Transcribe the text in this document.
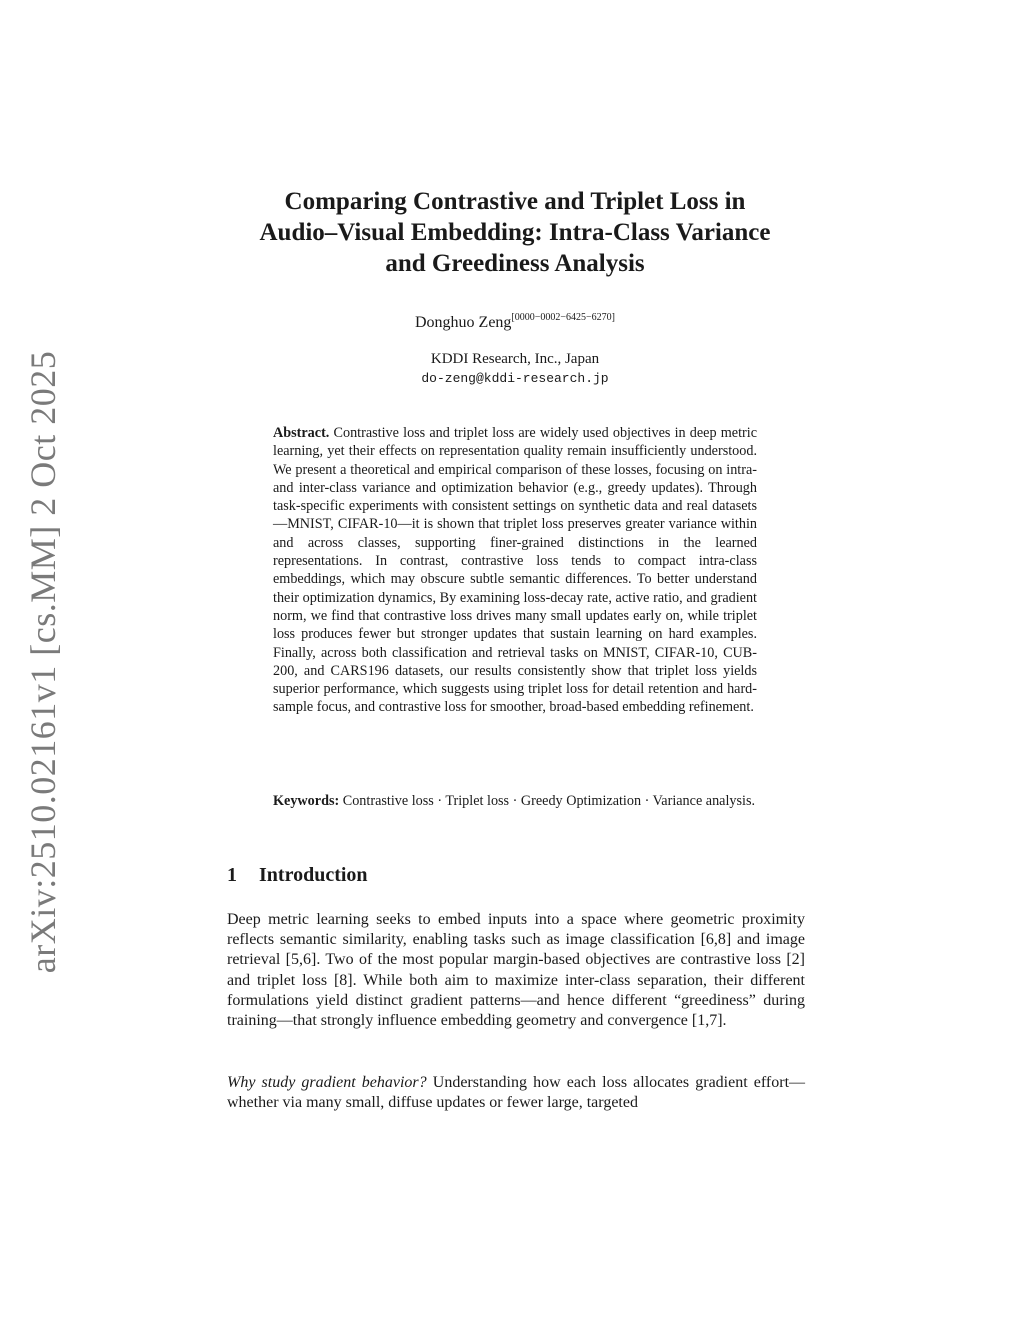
arXiv:2510.02161v1 [cs.MM] 2 Oct 2025
Comparing Contrastive and Triplet Loss in
Audio–Visual Embedding: Intra-Class Variance
and Greediness Analysis
Donghuo Zeng[0000−0002−6425−6270]
KDDI Research, Inc., Japan
do-zeng@kddi-research.jp
Abstract. Contrastive loss and triplet loss are widely used objectives in deep metric learning, yet their effects on representation quality remain insufficiently understood. We present a theoretical and empirical comparison of these losses, focusing on intra- and inter-class variance and optimization behavior (e.g., greedy updates). Through task-specific experiments with consistent settings on synthetic data and real datasets—MNIST, CIFAR-10—it is shown that triplet loss preserves greater variance within and across classes, supporting finer-grained distinctions in the learned representations. In contrast, contrastive loss tends to compact intra-class embeddings, which may obscure subtle semantic differences. To better understand their optimization dynamics, By examining loss-decay rate, active ratio, and gradient norm, we find that contrastive loss drives many small updates early on, while triplet loss produces fewer but stronger updates that sustain learning on hard examples. Finally, across both classification and retrieval tasks on MNIST, CIFAR-10, CUB-200, and CARS196 datasets, our results consistently show that triplet loss yields superior performance, which suggests using triplet loss for detail retention and hard-sample focus, and contrastive loss for smoother, broad-based embedding refinement.
Keywords: Contrastive loss · Triplet loss · Greedy Optimization · Variance analysis.
1 Introduction
Deep metric learning seeks to embed inputs into a space where geometric proximity reflects semantic similarity, enabling tasks such as image classification [6,8] and image retrieval [5,6]. Two of the most popular margin-based objectives are contrastive loss [2] and triplet loss [8]. While both aim to maximize inter-class separation, their different formulations yield distinct gradient patterns—and hence different “greediness” during training—that strongly influence embedding geometry and convergence [1,7].
Why study gradient behavior? Understanding how each loss allocates gradient effort—whether via many small, diffuse updates or fewer large, targeted
